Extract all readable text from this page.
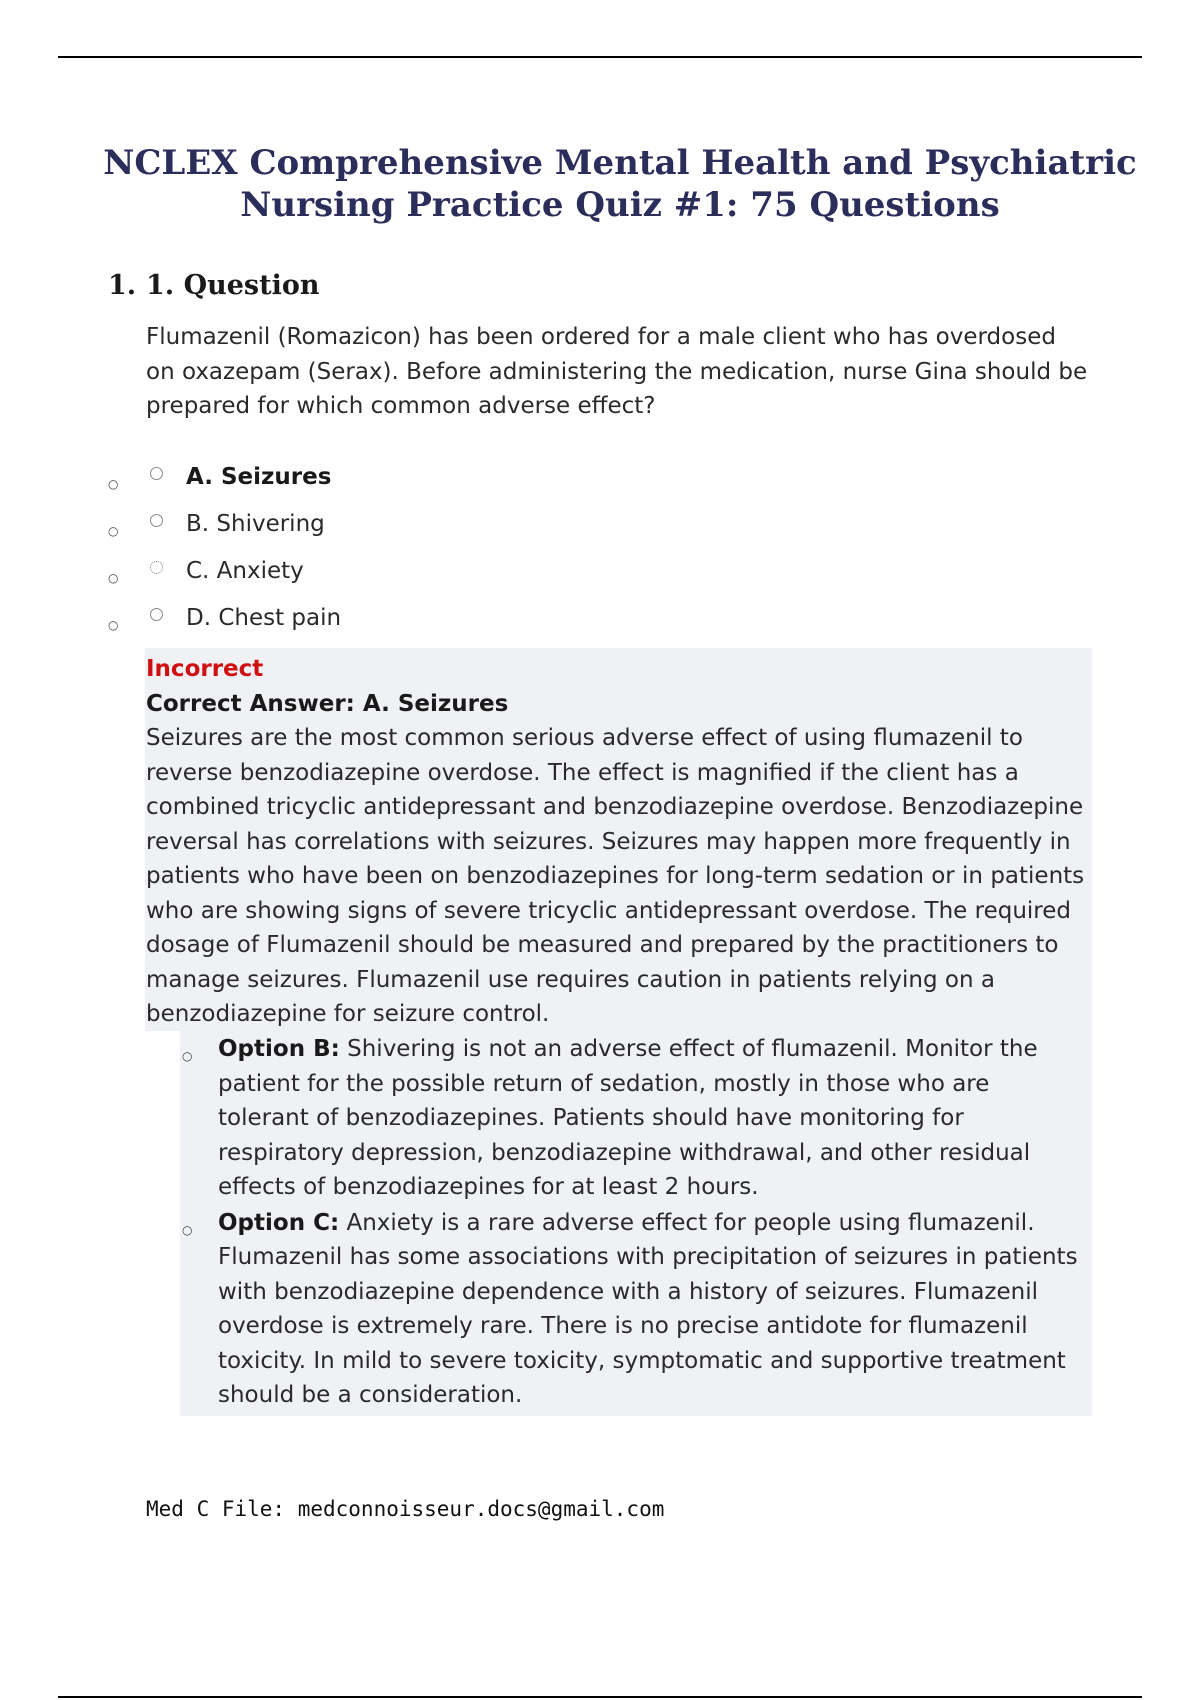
NCLEX Comprehensive Mental Health and Psychiatric
Nursing Practice Quiz #1: 75 Questions
1. 1. Question
Flumazenil (Romazicon) has been ordered for a male client who has overdosed on oxazepam (Serax). Before administering the medication, nurse Gina should be prepared for which common adverse effect?
○	A. Seizures
○	B. Shivering
○	C. Anxiety
○	D. Chest pain

Incorrect

Correct Answer: A. Seizures

Seizures are the most common serious adverse effect of using flumazenil to reverse benzodiazepine overdose. The effect is magnified if the client has a combined tricyclic antidepressant and benzodiazepine overdose. Benzodiazepine reversal has correlations with seizures. Seizures may happen more frequently in patients who have been on benzodiazepines for long-term sedation or in patients who are showing signs of severe tricyclic antidepressant overdose. The required dosage of Flumazenil should be measured and prepared by the practitioners to manage seizures. Flumazenil use requires caution in patients relying on a benzodiazepine for seizure control.

○ Option B: Shivering is not an adverse effect of flumazenil. Monitor the patient for the possible return of sedation, mostly in those who are tolerant of benzodiazepines. Patients should have monitoring for respiratory depression, benzodiazepine withdrawal, and other residual effects of benzodiazepines for at least 2 hours.
○ Option C: Anxiety is a rare adverse effect for people using flumazenil. Flumazenil has some associations with precipitation of seizures in patients with benzodiazepine dependence with a history of seizures. Flumazenil overdose is extremely rare. There is no precise antidote for flumazenil toxicity. In mild to severe toxicity, symptomatic and supportive treatment should be a consideration.
Med C File: medconnoisseur.docs@gmail.com
